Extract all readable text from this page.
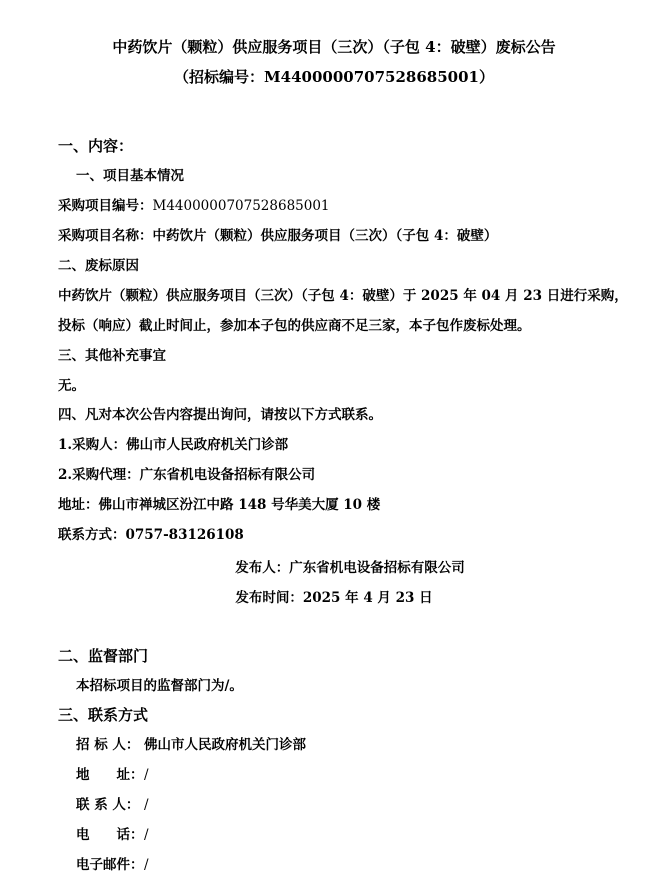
中药饮片（颗粒）供应服务项目（三次）（子包 4：破壁）废标公告
（招标编号：M4400000707528685001）
一、内容：
一、项目基本情况
采购项目编号：M4400000707528685001
采购项目名称：中药饮片（颗粒）供应服务项目（三次）（子包 4：破壁）
二、废标原因
中药饮片（颗粒）供应服务项目（三次）（子包 4：破壁）于 2025 年 04 月 23 日进行采购，
投标（响应）截止时间止，参加本子包的供应商不足三家，本子包作废标处理。
三、其他补充事宜
无。
四、凡对本次公告内容提出询问，请按以下方式联系。
1.采购人：佛山市人民政府机关门诊部
2.采购代理：广东省机电设备招标有限公司
地址：佛山市禅城区汾江中路 148 号华美大厦 10 楼
联系方式：0757-83126108
发布人：广东省机电设备招标有限公司
发布时间：2025 年 4 月 23 日
二、监督部门
本招标项目的监督部门为/。
三、联系方式
招 标 人： 佛山市人民政府机关门诊部
地　　址：/
联 系 人： /
电　　话：/
电子邮件：/
